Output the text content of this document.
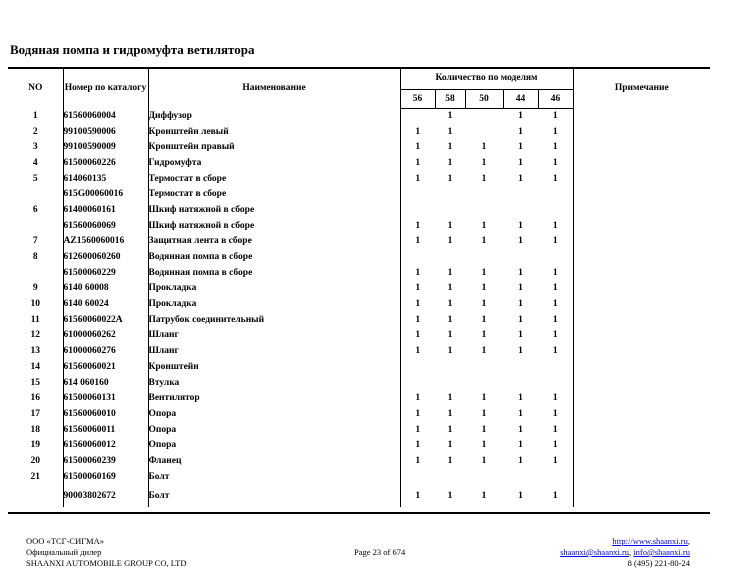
Водяная помпа и гидромуфта ветилятора
NO	Номер по каталогу	Наименование	Количество по моделям					Примечание
			56	58	50	44	46	
1	61560060004	Диффузор		1		1	1	
2	99100590006	Кронштейн левый	1	1		1	1	
3	99100590009	Кронштейн правый	1	1	1	1	1	
4	61500060226	Гидромуфта	1	1	1	1	1	
5	614060135	Термостат в сборе	1	1	1	1	1	
	615G00060016	Термостат в сборе						
6	61400060161	Шкиф натяжной в сборе						
	61560060069	Шкиф натяжной в сборе	1	1	1	1	1	
7	AZ1560060016	Защитная лента в сборе	1	1	1	1	1	
8	612600060260	Водянная помпа в сборе						
	61500060229	Водянная помпа в сборе	1	1	1	1	1	
9	6140 60008	Прокладка	1	1	1	1	1	
10	6140 60024	Прокладка	1	1	1	1	1	
11	61560060022A	Патрубок соединительный	1	1	1	1	1	
12	61000060262	Шланг	1	1	1	1	1	
13	61000060276	Шланг	1	1	1	1	1	
14	61560060021	Кронштейн						
15	614 060160	Втулка						
16	61500060131	Вентилятор	1	1	1	1	1	
17	61560060010	Опора	1	1	1	1	1	
18	61560060011	Опора	1	1	1	1	1	
19	61560060012	Опора	1	1	1	1	1	
20	61500060239	Фланец	1	1	1	1	1	
21	61500060169	Болт						
	90003802672	Болт	1	1	1	1	1	
ООО «ТСГ-СИГМА»
Официальный дилер
SHAANXI AUTOMOBILE GROUP CO, LTD
Page 23 of 674
http://www.shaanxi.ru,
shaanxi@shaanxi.ru, info@shaanxi.ru
8 (495) 221-80-24
